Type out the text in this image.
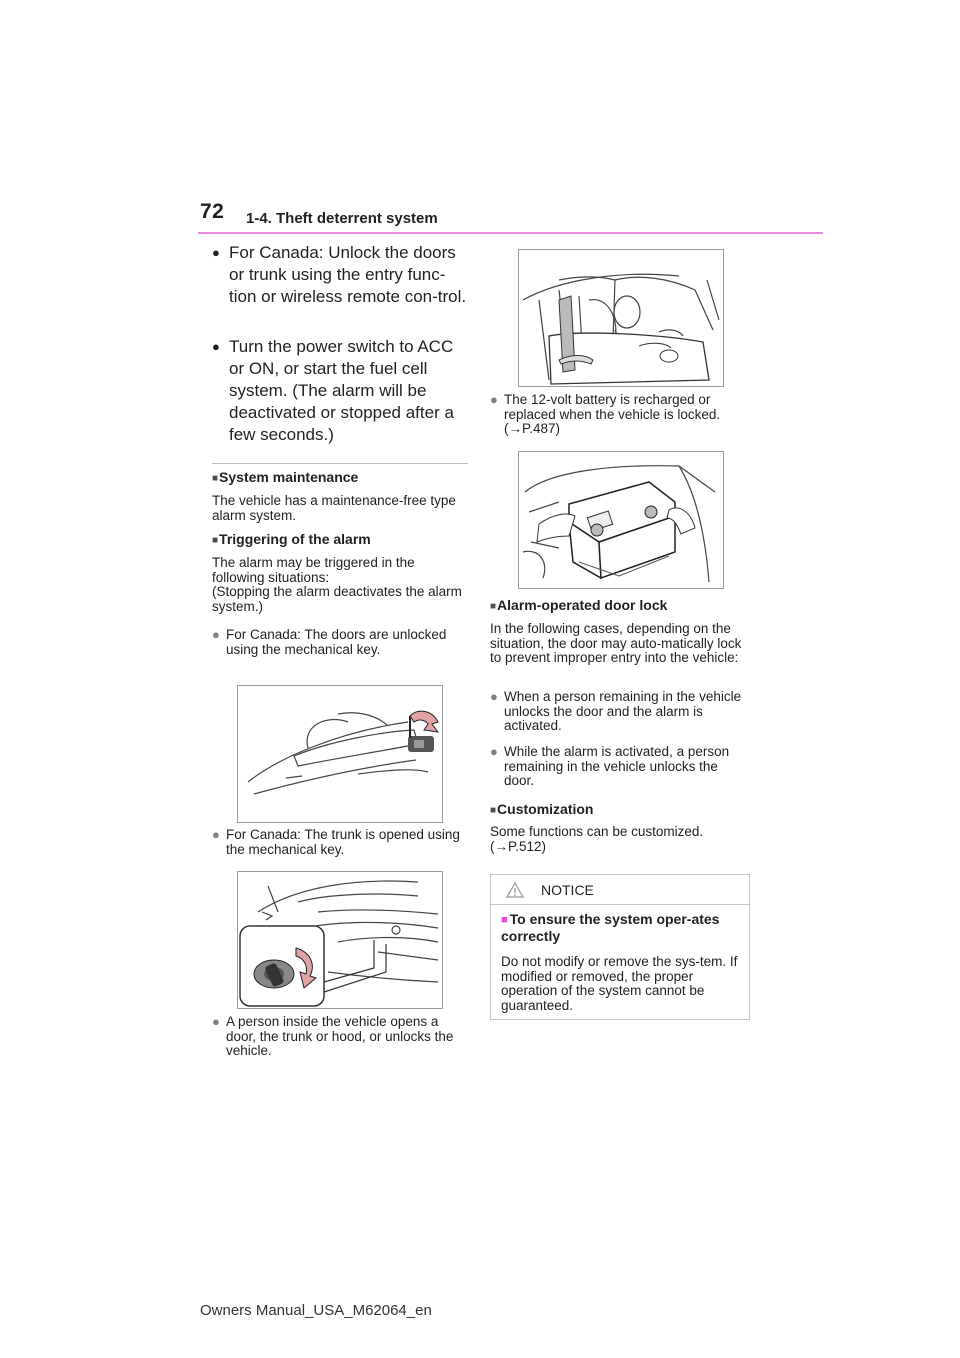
72 1-4. Theft deterrent system
● For Canada: Unlock the doors or trunk using the entry func-tion or wireless remote con-trol.
● Turn the power switch to ACC or ON, or start the fuel cell system. (The alarm will be deactivated or stopped after a few seconds.)
■System maintenance
The vehicle has a maintenance-free type alarm system.
■Triggering of the alarm
The alarm may be triggered in the following situations:
(Stopping the alarm deactivates the alarm system.)
● For Canada: The doors are unlocked using the mechanical key.
● For Canada: The trunk is opened using the mechanical key.
● A person inside the vehicle opens a door, the trunk or hood, or unlocks the vehicle.
● The 12-volt battery is recharged or replaced when the vehicle is locked. (→P.487)
■Alarm-operated door lock
In the following cases, depending on the situation, the door may auto-matically lock to prevent improper entry into the vehicle:
● When a person remaining in the vehicle unlocks the door and the alarm is activated.
● While the alarm is activated, a person remaining in the vehicle unlocks the door.
■Customization
Some functions can be customized. (→P.512)
NOTICE
■ To ensure the system oper-ates correctly
Do not modify or remove the sys-tem. If modified or removed, the proper operation of the system cannot be guaranteed.
Owners Manual_USA_M62064_en
